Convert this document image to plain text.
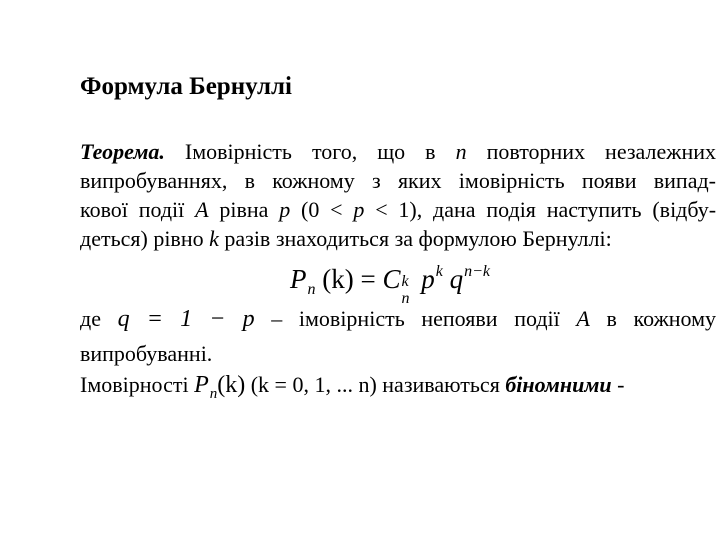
Формула Бернуллі
Теорема. Імовірність того, що в n повторних незалежних
випробуваннях, в кожному з яких імовірність появи випад-
кової події A рівна p (0 < p < 1), дана подія наступить (відбу-
деться) рівно k разів знаходиться за формулою Бернуллі:
$P_n$ (k) = C k
n
$p^k$ $q^{n-k}$
де q = 1 − p – імовірність непояви події A в кожному
випробуванні.
Імовірності $P_n(k) (k = 0$, 1, ... n) називаються біномними -
